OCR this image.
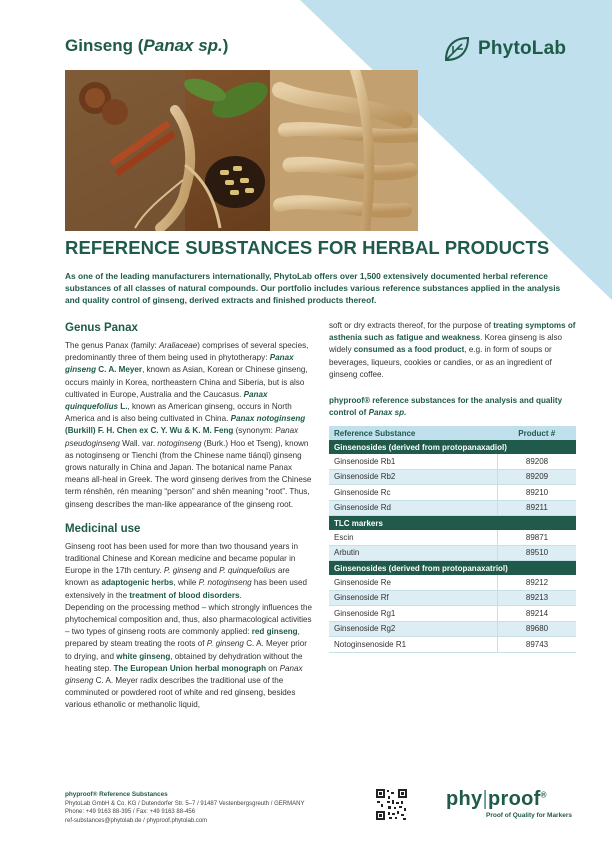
Ginseng (Panax sp.)	PhytoLab
REFERENCE SUBSTANCES FOR HERBAL PRODUCTS
As one of the leading manufacturers internationally, PhytoLab offers over 1,500 extensively documented herbal reference substances of all classes of natural compounds. Our portfolio includes various reference substances applied in the analysis and quality control of ginseng, derived extracts and finished products thereof.
Genus Panax

The genus Panax (family: Araliaceae) comprises of several species, predominantly three of them being used in phytotherapy: Panax ginseng C. A. Meyer, known as Asian, Korean or Chinese ginseng, occurs mainly in Korea, northeastern China and Siberia, but is also cultivated in Europe, Australia and the Caucasus. Panax quinquefolius L., known as American ginseng, occurs in North America and is also being cultivated in China. Panax notoginseng (Burkill) F. H. Chen ex C. Y. Wu & K. M. Feng (synonym: Panax pseudoginseng Wall. var. notoginseng (Burk.) Hoo et Tseng), known as notoginseng or Tienchi (from the Chinese name tiánqī) ginseng grows naturally in China and Japan. The botanical name Panax means all-heal in Greek. The word ginseng derives from the Chinese term rénshēn, rén meaning “person” and shēn meaning “root”. Thus, ginseng describes the man-like appearance of the ginseng root.

Medicinal use

Ginseng root has been used for more than two thousand years in traditional Chinese and Korean medicine and became popular in Europe in the 17th century. P. ginseng and P. quinquefolius are known as adaptogenic herbs, while P. notoginseng has been used extensively in the treatment of blood disorders.
Depending on the processing method – which strongly influences the phytochemical composition and, thus, also pharmacological activities – two types of ginseng roots are commonly applied: red ginseng, prepared by steam treating the roots of P. ginseng C. A. Meyer prior to drying, and white ginseng, obtained by dehydration without the heating step. The European Union herbal monograph on Panax ginseng C. A. Meyer radix describes the traditional use of the comminuted or powdered root of white and red ginseng, besides various ethanolic or methanolic liquid,

soft or dry extracts thereof, for the purpose of treating symptoms of asthenia such as fatigue and weakness. Korea ginseng is also widely consumed as a food product, e.g. in form of soups or beverages, liqueurs, cookies or candies, or as an ingredient of ginseng coffee.

phyproof® reference substances for the analysis and quality control of Panax sp.
Reference Substance	Product #
Ginsenosides (derived from protopanaxadiol)	
Ginsenoside Rb1	89208
Ginsenoside Rb2	89209
Ginsenoside Rc	89210
Ginsenoside Rd	89211
TLC markers	
Escin	89871
Arbutin	89510
Ginsenosides (derived from protopanaxatriol)	
Ginsenoside Re	89212
Ginsenoside Rf	89213
Ginsenoside Rg1	89214
Ginsenoside Rg2	89680
Notoginsenoside R1	89743
phyproof® Reference Substances
PhytoLab GmbH & Co. KG / Dutendorfer Str. 5–7 / 91487 Vestenbergsgreuth / GERMANY
Phone: +49 9163 88-395 / Fax: +49 9163 88-456
ref-substances@phytolab.de / phyproof.phytolab.com
phy|proof®
Proof of Quality for Markers
